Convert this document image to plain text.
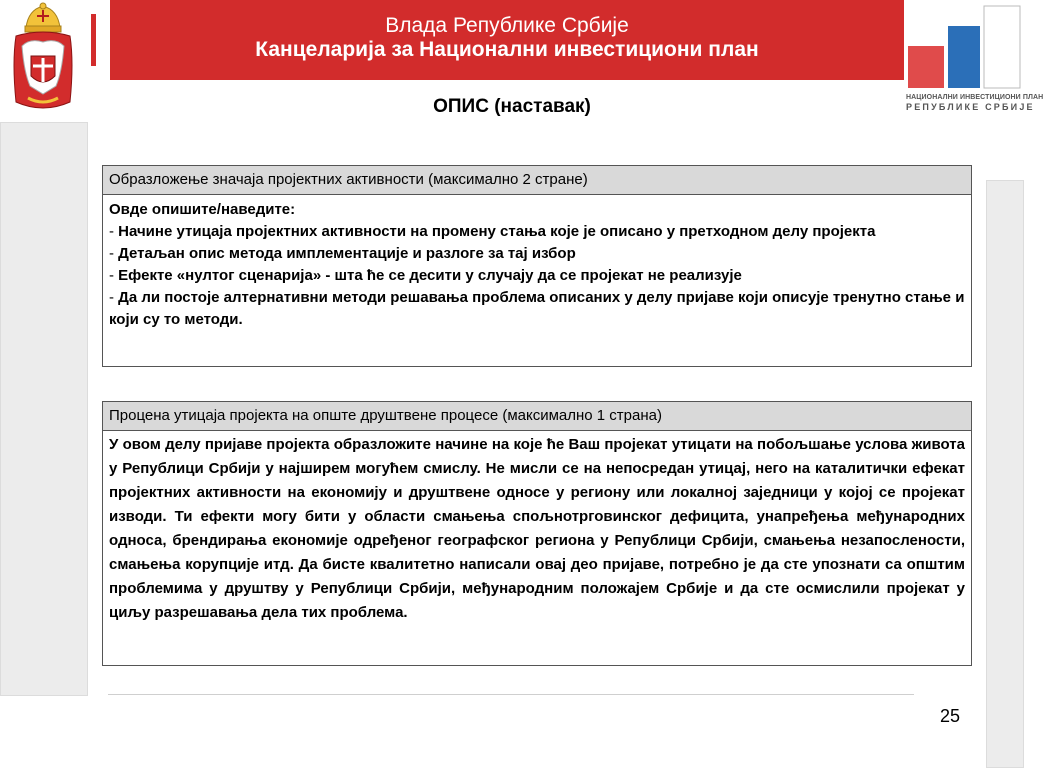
Влада Републике Србије
Канцеларија за Национални инвестициони план
НАЦИОНАЛНИ ИНВЕСТИЦИОНИ ПЛАН
РЕПУБЛИКЕ СРБИЈЕ
ОПИС (наставак)
Образложење значаја пројектних активности (максимално 2 стране)
Овде опишите/наведите:
- Начине утицаја пројектних активности на промену стања које је описано у претходном делу пројекта
- Детаљан опис метода имплементације и разлоге за тај избор
- Ефекте «нултог сценарија» - шта ће се десити у случају да се пројекат не реализује
- Да ли постоје алтернативни методи решавања проблема описаних у делу пријаве који описује тренутно стање и који су то методи.
Процена утицаја пројекта на опште друштвене процесе (максимално 1 страна)
У овом делу пријаве пројекта образложите начине на које ће Ваш пројекат утицати на побољшање услова живота у Републици Србији у најширем могућем смислу. Не мисли се на непосредан утицај, него на каталитички ефекат пројектних активности на економију и друштвене односе у региону или локалној заједници у којој се пројекат изводи. Ти ефекти могу бити у области смањења спољнотрговинског дефицита, унапређења међународних односа, брендирања економије одређеног географског региона у Републици Србији, смањења незапослености, смањења корупције итд. Да бисте квалитетно написали овај део пријаве, потребно је да сте упознати са општим проблемима у друштву у Републици Србији, међународним положајем Србије и да сте осмислили пројекат у циљу разрешавања дела тих проблема.
25
